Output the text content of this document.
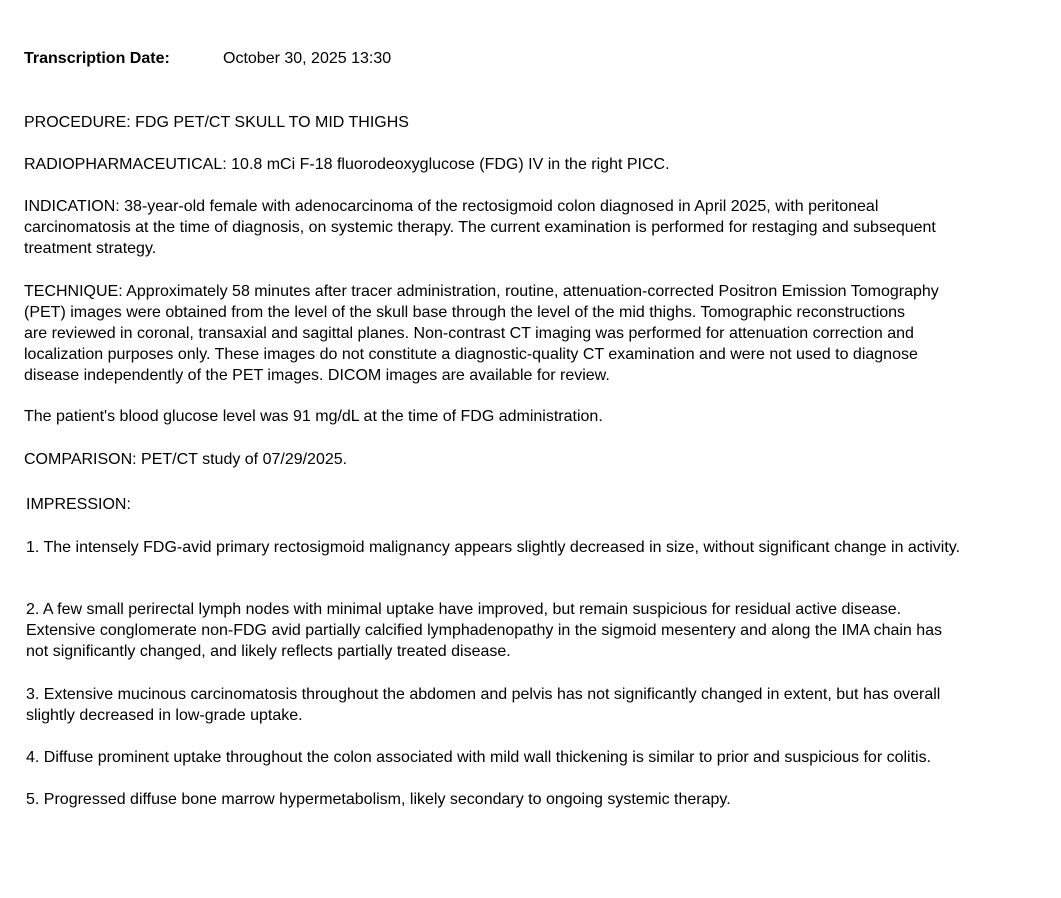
Transcription Date:	October 30, 2025 13:30
PROCEDURE: FDG PET/CT SKULL TO MID THIGHS
RADIOPHARMACEUTICAL: 10.8 mCi F-18 fluorodeoxyglucose (FDG) IV in the right PICC.
INDICATION: 38-year-old female with adenocarcinoma of the rectosigmoid colon diagnosed in April 2025, with peritoneal
carcinomatosis at the time of diagnosis, on systemic therapy. The current examination is performed for restaging and subsequent
treatment strategy.
TECHNIQUE: Approximately 58 minutes after tracer administration, routine, attenuation-corrected Positron Emission Tomography
(PET) images were obtained from the level of the skull base through the level of the mid thighs. Tomographic reconstructions
are reviewed in coronal, transaxial and sagittal planes. Non-contrast CT imaging was performed for attenuation correction and
localization purposes only. These images do not constitute a diagnostic-quality CT examination and were not used to diagnose
disease independently of the PET images. DICOM images are available for review.
The patient's blood glucose level was 91 mg/dL at the time of FDG administration.
COMPARISON: PET/CT study of 07/29/2025.
IMPRESSION:
1. The intensely FDG-avid primary rectosigmoid malignancy appears slightly decreased in size, without significant change in activity.
2. A few small perirectal lymph nodes with minimal uptake have improved, but remain suspicious for residual active disease.
Extensive conglomerate non-FDG avid partially calcified lymphadenopathy in the sigmoid mesentery and along the IMA chain has
not significantly changed, and likely reflects partially treated disease.
3. Extensive mucinous carcinomatosis throughout the abdomen and pelvis has not significantly changed in extent, but has overall
slightly decreased in low-grade uptake.
4. Diffuse prominent uptake throughout the colon associated with mild wall thickening is similar to prior and suspicious for colitis.
5. Progressed diffuse bone marrow hypermetabolism, likely secondary to ongoing systemic therapy.
